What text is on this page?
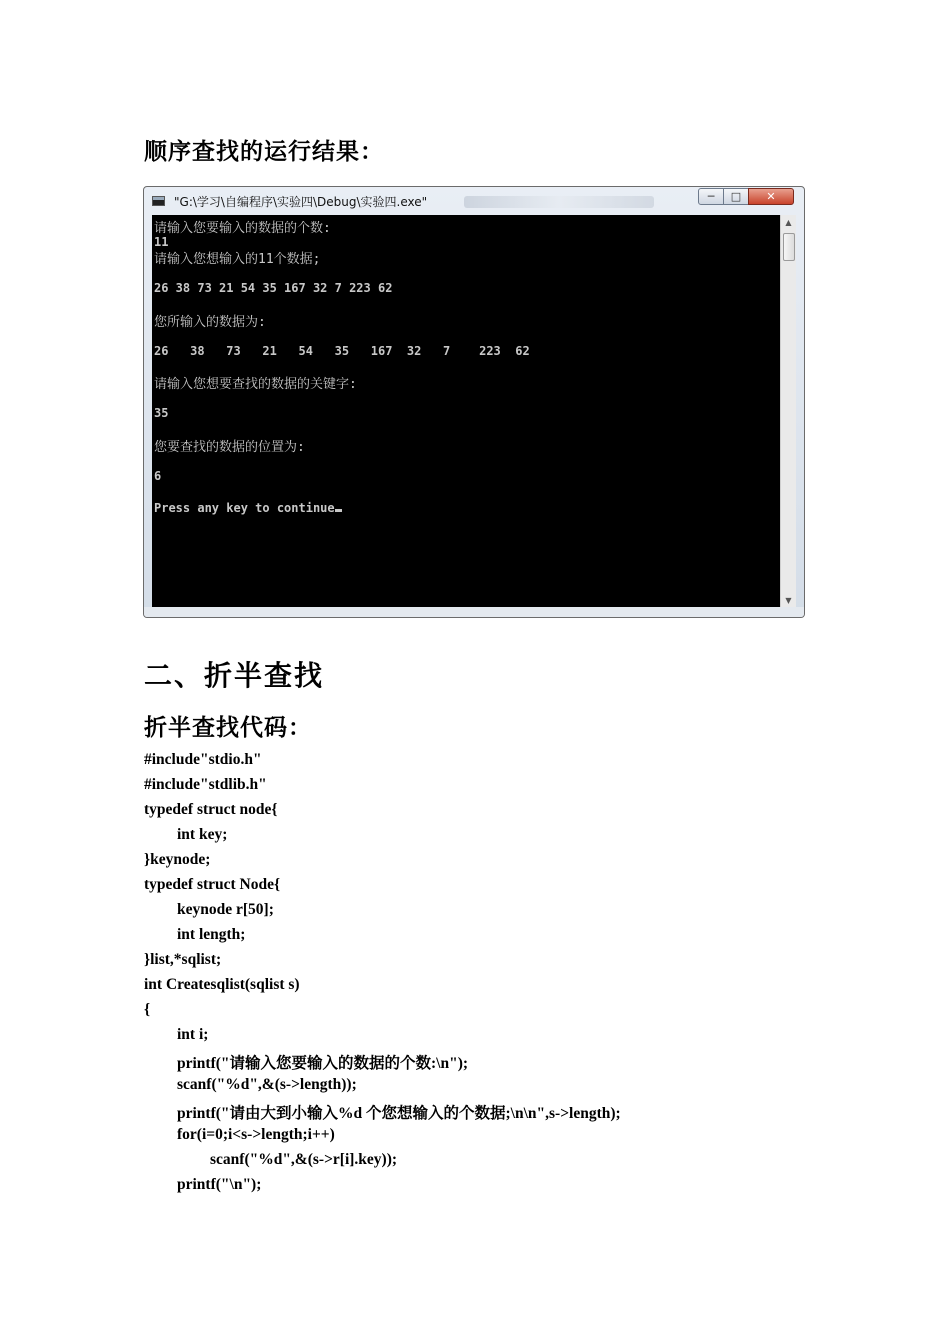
顺序查找的运行结果：
"G:\学习\自编程序\实验四\Debug\实验四.exe"	─	□	✕
请输入您要输入的数据的个数:
11
请输入您想输入的11个数据;
26 38 73 21 54 35 167 32 7 223 62
您所输入的数据为:
26   38   73   21   54   35   167  32   7    223  62
请输入您想要查找的数据的关键字:
35
您要查找的数据的位置为:
6
Press any key to continue
▲
▼
二、折半查找
折半查找代码：
#include"stdio.h"
#include"stdlib.h"
typedef struct node{
int key;
}keynode;
typedef struct Node{
keynode r[50];
int length;
}list,*sqlist;
int Createsqlist(sqlist s)
{
int i;
printf("请输入您要输入的数据的个数:\n");
scanf("%d",&(s->length));
printf("请由大到小输入%d 个您想输入的个数据;\n\n",s->length);
for(i=0;i<s->length;i++)
scanf("%d",&(s->r[i].key));
printf("\n");
